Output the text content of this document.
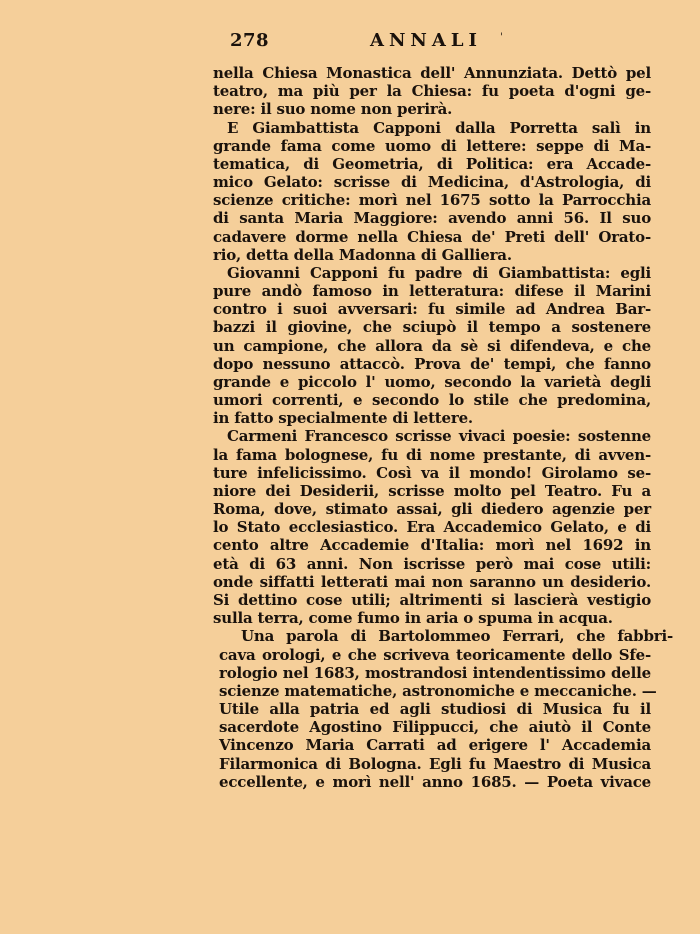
278	ANNALI '
nella Chiesa Monastica dell' Annunziata. Dettò pel
teatro, ma più per la Chiesa: fu poeta d'ogni ge-
nere: il suo nome non perirà.
E Giambattista Capponi dalla Porretta salì in
grande fama come uomo di lettere: seppe di Ma-
tematica, di Geometria, di Politica: era Accade-
mico Gelato: scrisse di Medicina, d'Astrologia, di
scienze critiche: morì nel 1675 sotto la Parrocchia
di santa Maria Maggiore: avendo anni 56. Il suo
cadavere dorme nella Chiesa de' Preti dell' Orato-
rio, detta della Madonna di Galliera.
Giovanni Capponi fu padre di Giambattista: egli
pure andò famoso in letteratura: difese il Marini
contro i suoi avversari: fu simile ad Andrea Bar-
bazzi il giovine, che sciupò il tempo a sostenere
un campione, che allora da sè si difendeva, e che
dopo nessuno attaccò. Prova de' tempi, che fanno
grande e piccolo l' uomo, secondo la varietà degli
umori correnti, e secondo lo stile che predomina,
in fatto specialmente di lettere.
Carmeni Francesco scrisse vivaci poesie: sostenne
la fama bolognese, fu di nome prestante, di avven-
ture infelicissimo. Così va il mondo! Girolamo se-
niore dei Desiderii, scrisse molto pel Teatro. Fu a
Roma, dove, stimato assai, gli diedero agenzie per
lo Stato ecclesiastico. Era Accademico Gelato, e di
cento altre Accademie d'Italia: morì nel 1692 in
età di 63 anni. Non iscrisse però mai cose utili:
onde siffatti letterati mai non saranno un desiderio.
Si dettino cose utili; altrimenti si lascierà vestigio
sulla terra, come fumo in aria o spuma in acqua.
Una parola di Bartolommeo Ferrari, che fabbri-
cava orologi, e che scriveva teoricamente dello Sfe-
rologio nel 1683, mostrandosi intendentissimo delle
scienze matematiche, astronomiche e meccaniche. —
Utile alla patria ed agli studiosi di Musica fu il
sacerdote Agostino Filippucci, che aiutò il Conte
Vincenzo Maria Carrati ad erigere l' Accademia
Filarmonica di Bologna. Egli fu Maestro di Musica
eccellente, e morì nell' anno 1685. — Poeta vivace
